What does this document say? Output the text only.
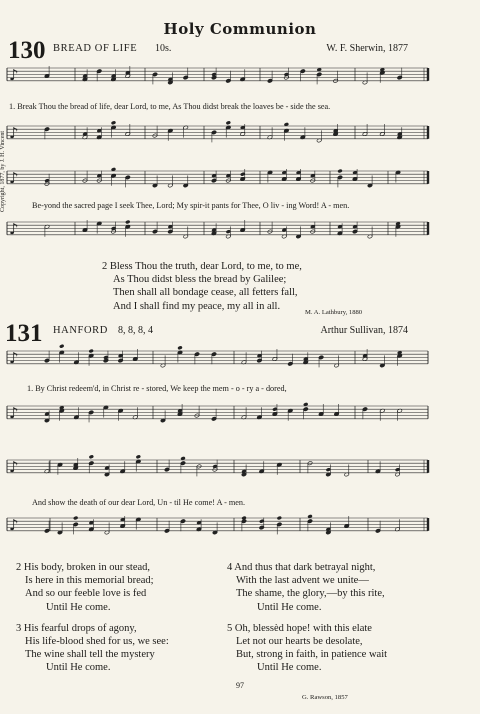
Holy Communion
130 BREAD OF LIFE 10s.	W. F. Sherwin, 1877
Copyright, 1877, by J. H. Vincent
♪
1. Break Thou the bread of life, dear Lord, to me, As Thou didst break the loaves be - side the sea.
♪
♪
Be-yond the sacred page I seek Thee, Lord; My spir-it pants for Thee, O liv - ing Word! A - men.
♪
2 Bless Thou the truth, dear Lord, to me, to me,
As Thou didst bless the bread by Galilee;
Then shall all bondage cease, all fetters fall,
And I shall find my peace, my all in all.
M. A. Lathbury, 1880
131 HANFORD 8, 8, 8, 4	Arthur Sullivan, 1874
♪
1. By Christ redeem'd, in Christ re - stored, We keep the mem - o - ry a - dored,
♪
♪
And show the death of our dear Lord, Un - til He come! A - men.
♪
2 His body, broken in our stead,
Is here in this memorial bread;
And so our feeble love is fed
Until He come.
3 His fearful drops of agony,
His life-blood shed for us, we see:
The wine shall tell the mystery
Until He come.
4 And thus that dark betrayal night,
With the last advent we unite—
The shame, the glory,—by this rite,
Until He come.
5 Oh, blessèd hope! with this elate
Let not our hearts be desolate,
But, strong in faith, in patience wait
Until He come.
G. Rawson, 1857
97
